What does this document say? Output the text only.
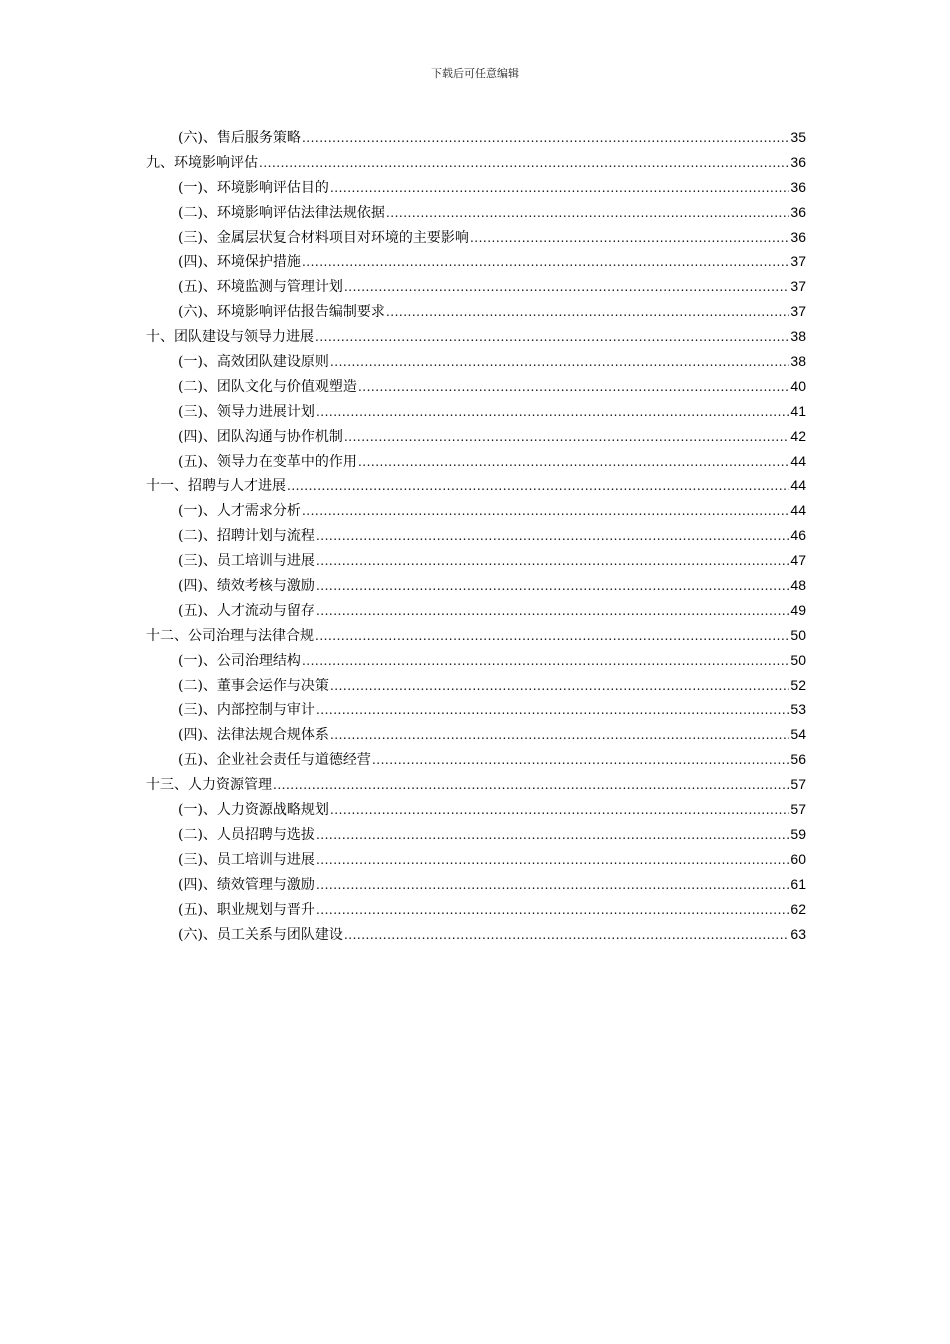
下载后可任意编辑
(六)、售后服务策略 .....	35
九、环境影响评估 .....	36
(一)、环境影响评估目的 .....	36
(二)、环境影响评估法律法规依据 .....	36
(三)、金属层状复合材料项目对环境的主要影响 .....	36
(四)、环境保护措施 .....	37
(五)、环境监测与管理计划 .....	37
(六)、环境影响评估报告编制要求 .....	37
十、团队建设与领导力进展 .....	38
(一)、高效团队建设原则 .....	38
(二)、团队文化与价值观塑造 .....	40
(三)、领导力进展计划 .....	41
(四)、团队沟通与协作机制 .....	42
(五)、领导力在变革中的作用 .....	44
十一、招聘与人才进展 .....	44
(一)、人才需求分析 .....	44
(二)、招聘计划与流程 .....	46
(三)、员工培训与进展 .....	47
(四)、绩效考核与激励 .....	48
(五)、人才流动与留存 .....	49
十二、公司治理与法律合规 .....	50
(一)、公司治理结构 .....	50
(二)、董事会运作与决策 .....	52
(三)、内部控制与审计 .....	53
(四)、法律法规合规体系 .....	54
(五)、企业社会责任与道德经营 .....	56
十三、人力资源管理 .....	57
(一)、人力资源战略规划 .....	57
(二)、人员招聘与选拔 .....	59
(三)、员工培训与进展 .....	60
(四)、绩效管理与激励 .....	61
(五)、职业规划与晋升 .....	62
(六)、员工关系与团队建设 .....	63
